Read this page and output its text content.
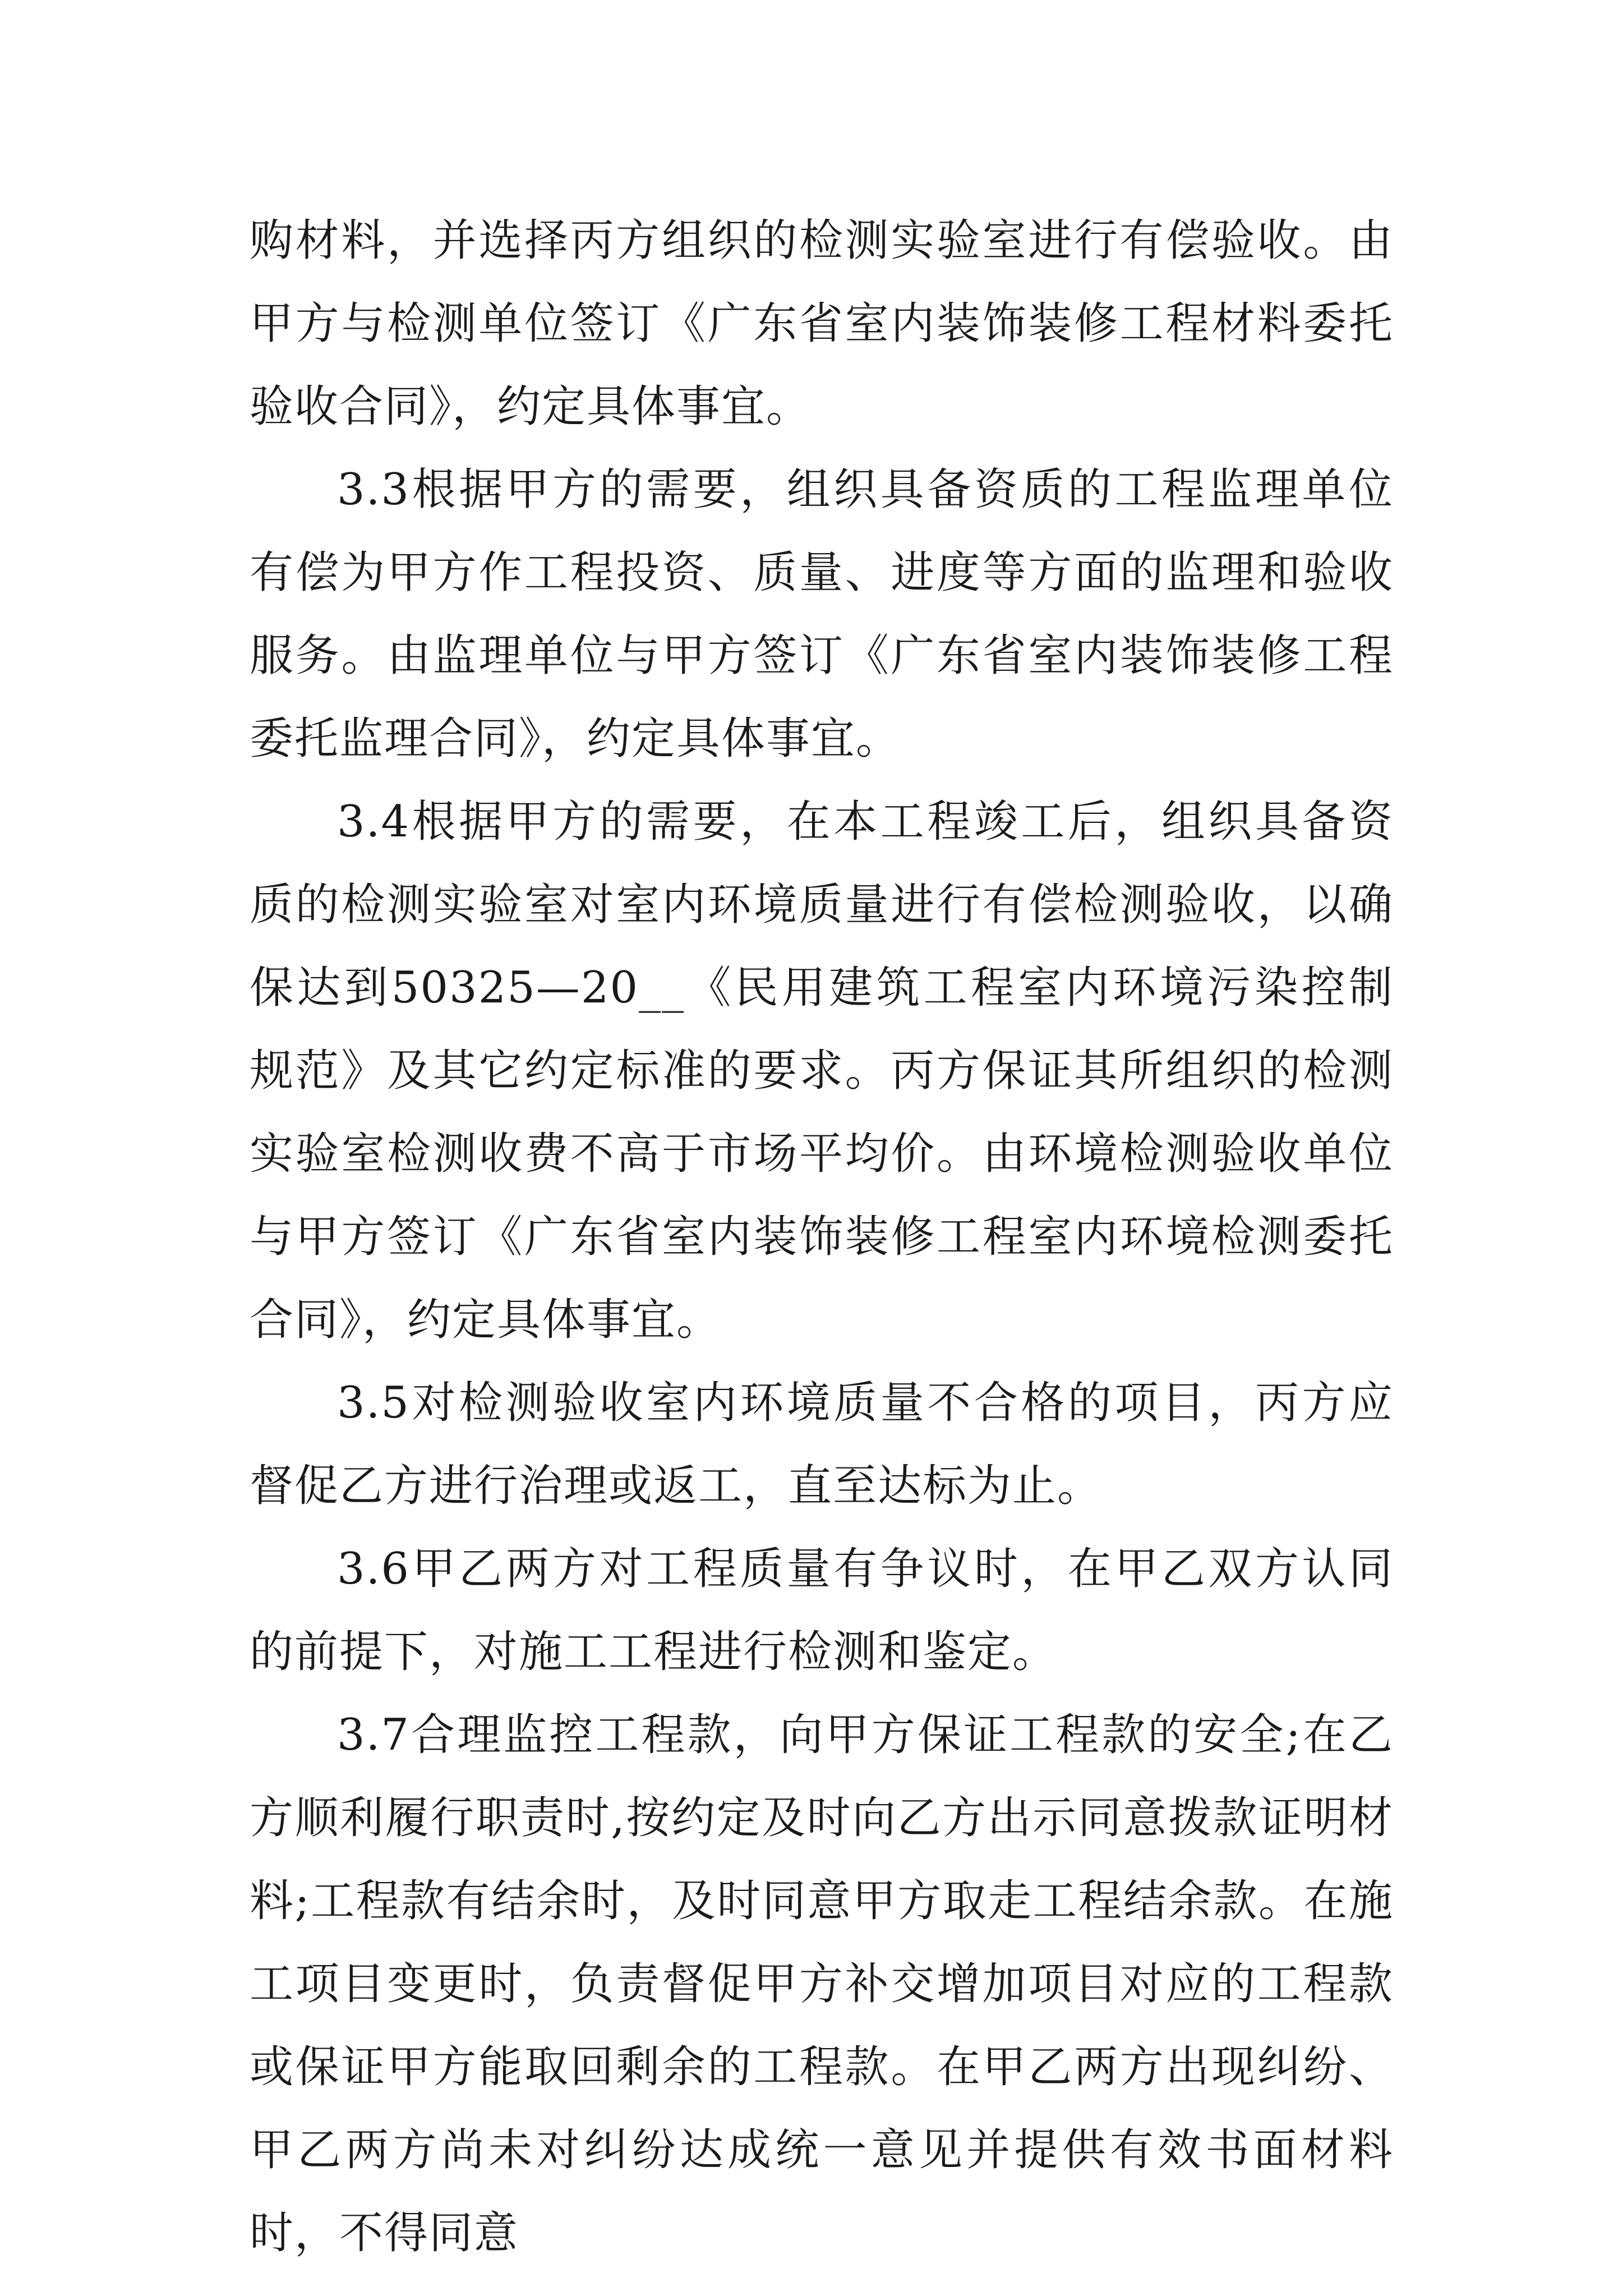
购材料，并选择丙方组织的检测实验室进行有偿验收。由甲方与检测单位签订《广东省室内装饰装修工程材料委托验收合同》，约定具体事宜。

3.3根据甲方的需要，组织具备资质的工程监理单位有偿为甲方作工程投资、质量、进度等方面的监理和验收服务。由监理单位与甲方签订《广东省室内装饰装修工程委托监理合同》，约定具体事宜。

3.4根据甲方的需要，在本工程竣工后，组织具备资质的检测实验室对室内环境质量进行有偿检测验收，以确保达到50325—20__《民用建筑工程室内环境污染控制规范》及其它约定标准的要求。丙方保证其所组织的检测实验室检测收费不高于市场平均价。由环境检测验收单位与甲方签订《广东省室内装饰装修工程室内环境检测委托合同》，约定具体事宜。

3.5对检测验收室内环境质量不合格的项目，丙方应督促乙方进行治理或返工，直至达标为止。

3.6甲乙两方对工程质量有争议时，在甲乙双方认同的前提下，对施工工程进行检测和鉴定。

3.7合理监控工程款，向甲方保证工程款的安全;在乙方顺利履行职责时,按约定及时向乙方出示同意拨款证明材料;工程款有结余时，及时同意甲方取走工程结余款。在施工项目变更时，负责督促甲方补交增加项目对应的工程款或保证甲方能取回剩余的工程款。在甲乙两方出现纠纷、甲乙两方尚未对纠纷达成统一意见并提供有效书面材料时，不得同意
